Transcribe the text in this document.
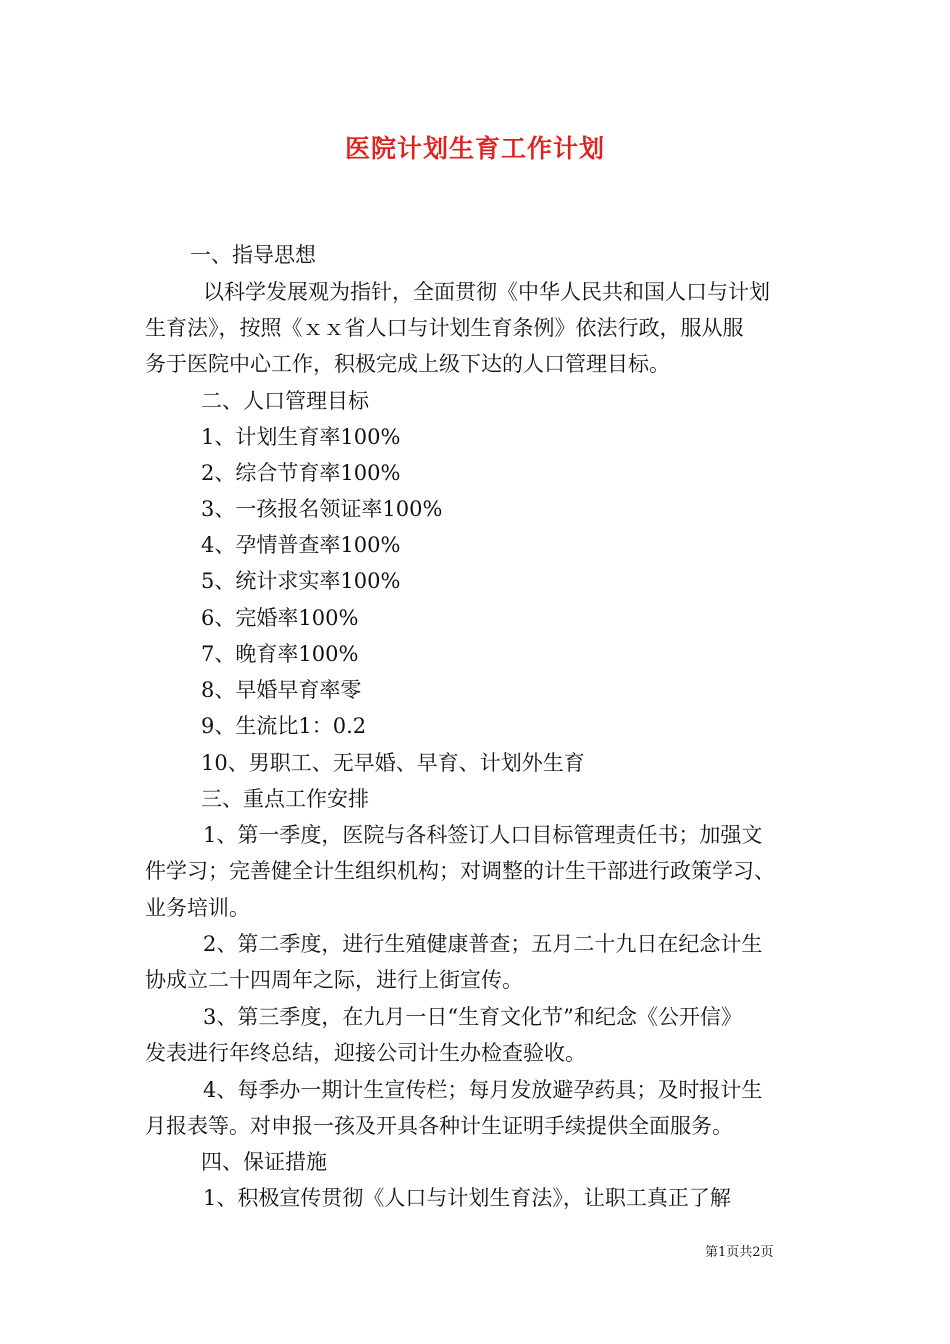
医院计划生育工作计划
一、指导思想
以科学发展观为指针，全面贯彻《中华人民共和国人口与计划
生育法》，按照《ｘｘ省人口与计划生育条例》依法行政，服从服
务于医院中心工作，积极完成上级下达的人口管理目标。
二、人口管理目标
1、计划生育率100%
2、综合节育率100%
3、一孩报名领证率100%
4、孕情普查率100%
5、统计求实率100%
6、完婚率100%
7、晚育率100%
8、早婚早育率零
9、生流比1：0.2
10、男职工、无早婚、早育、计划外生育
三、重点工作安排
1、第一季度，医院与各科签订人口目标管理责任书；加强文
件学习；完善健全计生组织机构；对调整的计生干部进行政策学习、
业务培训。
2、第二季度，进行生殖健康普查；五月二十九日在纪念计生
协成立二十四周年之际，进行上街宣传。
3、第三季度，在九月一日“生育文化节”和纪念《公开信》
发表进行年终总结，迎接公司计生办检查验收。
4、每季办一期计生宣传栏；每月发放避孕药具；及时报计生
月报表等。对申报一孩及开具各种计生证明手续提供全面服务。
四、保证措施
1、积极宣传贯彻《人口与计划生育法》，让职工真正了解
第1页共2页
